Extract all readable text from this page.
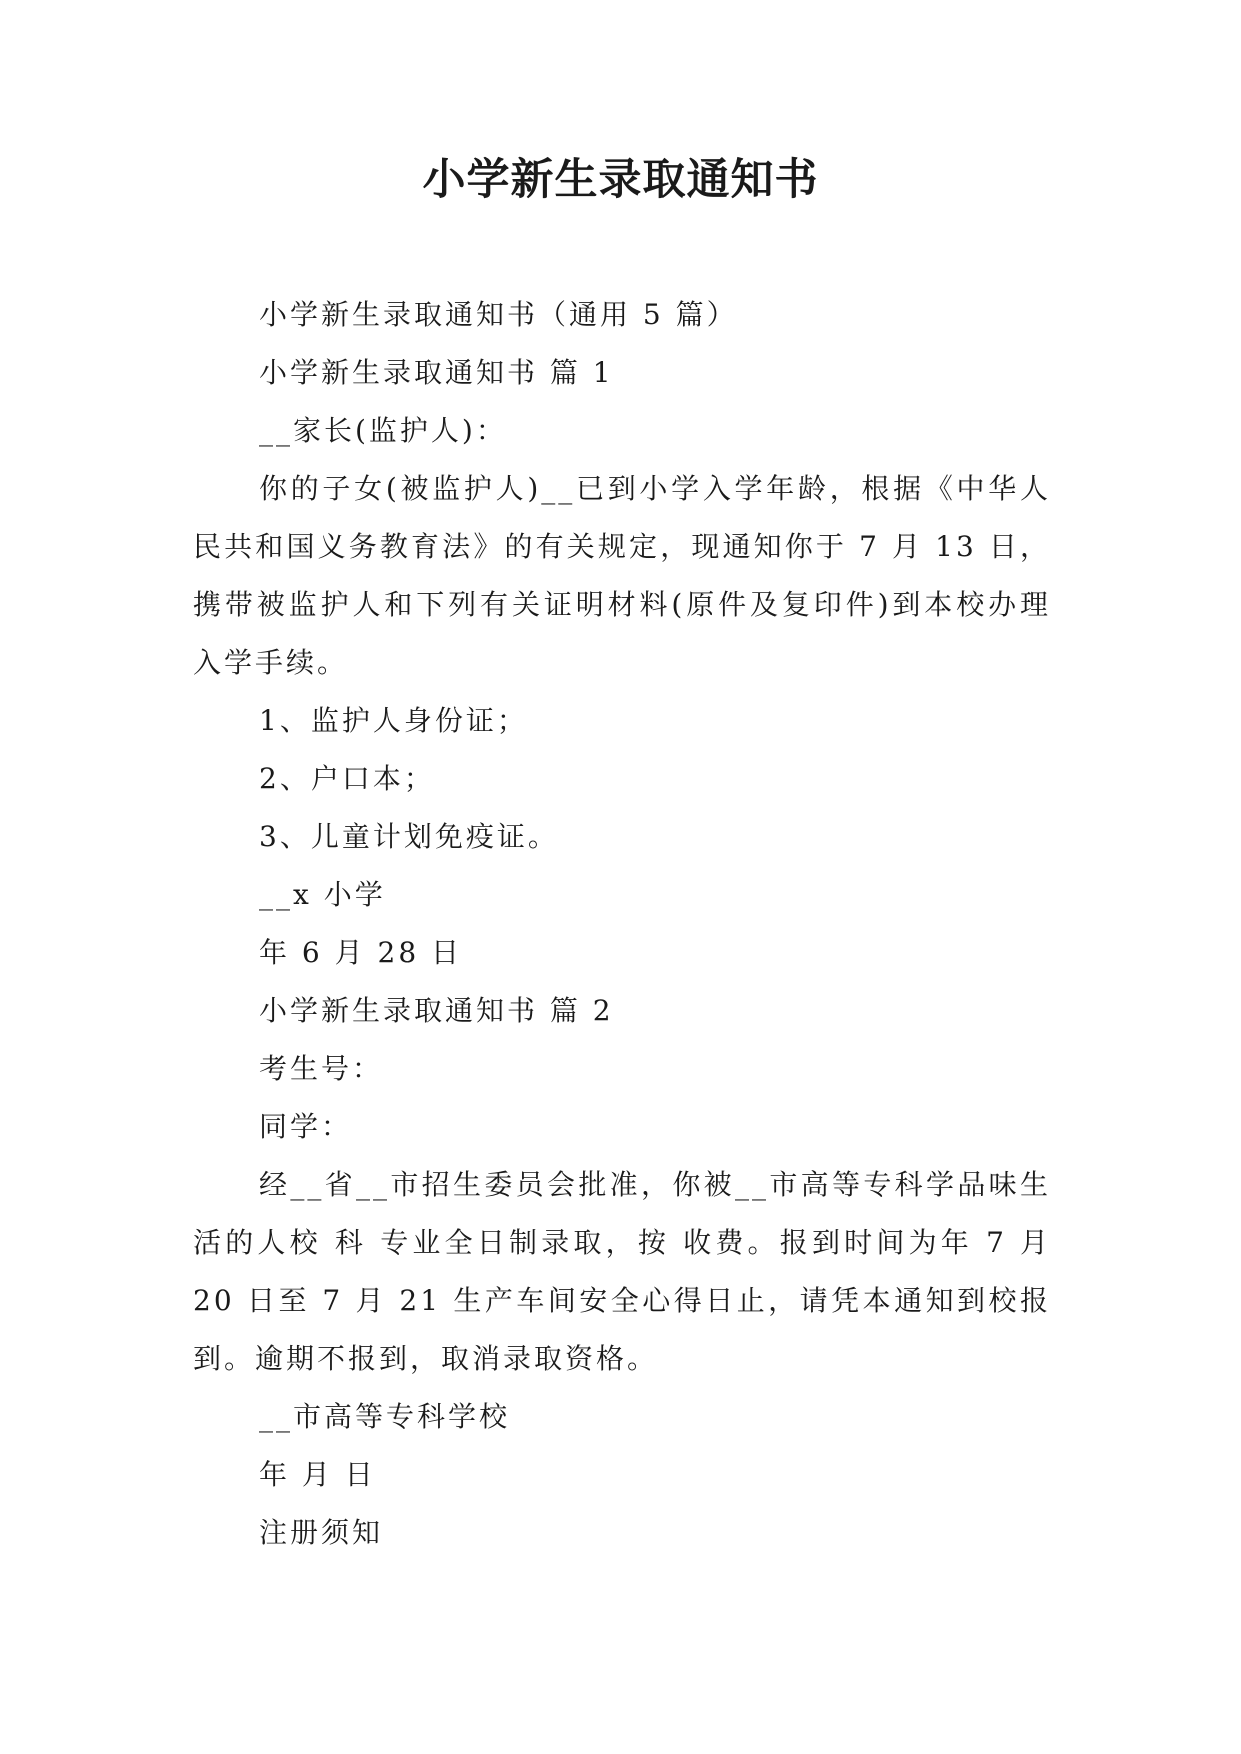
小学新生录取通知书

小学新生录取通知书（通用 5 篇）

小学新生录取通知书 篇 1

__家长(监护人)：

你的子女(被监护人)__已到小学入学年龄，根据《中华人民共和国义务教育法》的有关规定，现通知你于 7 月 13 日，携带被监护人和下列有关证明材料(原件及复印件)到本校办理入学手续。

1、监护人身份证；

2、户口本；

3、儿童计划免疫证。

__x 小学

年 6 月 28 日

小学新生录取通知书 篇 2

考生号：

同学：

经__省__市招生委员会批准，你被__市高等专科学品味生活的人校 科 专业全日制录取，按 收费。报到时间为年 7 月 20 日至 7 月 21 生产车间安全心得日止，请凭本通知到校报到。逾期不报到，取消录取资格。

__市高等专科学校

年 月 日

注册须知
